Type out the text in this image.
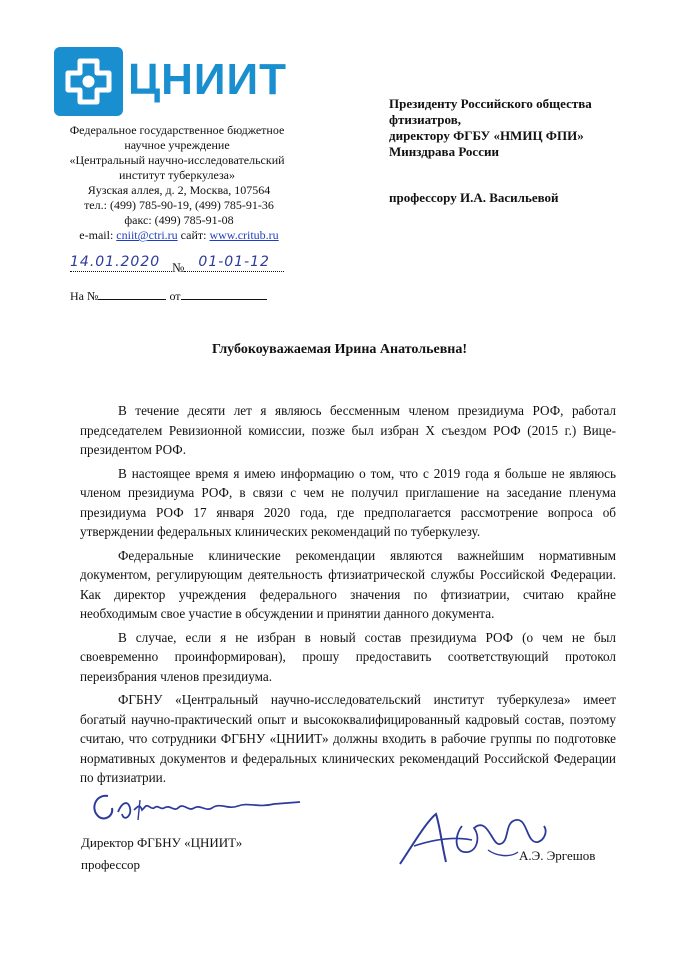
ЦНИИТ
Федеральное государственное бюджетное
научное учреждение
«Центральный научно-исследовательский
институт туберкулеза»
Яузская аллея, д. 2, Москва, 107564
тел.: (499) 785-90-19, (499) 785-91-36
факс: (499) 785-91-08
e-mail: cniit@ctri.ru сайт: www.critub.ru
14.01.2020 № 01-01-12
На №	от
Президенту Российского общества
фтизиатров,
директору ФГБУ «НМИЦ ФПИ»
Минздрава России
профессору И.А. Васильевой
Глубокоуважаемая Ирина Анатольевна!

В течение десяти лет я являюсь бессменным членом президиума РОФ, работал председателем Ревизионной комиссии, позже был избран Х съездом РОФ (2015 г.) Вице-президентом РОФ.

В настоящее время я имею информацию о том, что с 2019 года я больше не являюсь членом президиума РОФ, в связи с чем не получил приглашение на заседание пленума президиума РОФ 17 января 2020 года, где предполагается рассмотрение вопроса об утверждении федеральных клинических рекомендаций по туберкулезу.

Федеральные клинические рекомендации являются важнейшим нормативным документом, регулирующим деятельность фтизиатрической службы Российской Федерации. Как директор учреждения федерального значения по фтизиатрии, считаю крайне необходимым свое участие в обсуждении и принятии данного документа.

В случае, если я не избран в новый состав президиума РОФ (о чем не был своевременно проинформирован), прошу предоставить соответствующий протокол переизбрания членов президиума.

ФГБНУ «Центральный научно-исследовательский институт туберкулеза» имеет богатый научно-практический опыт и высококвалифицированный кадровый состав, поэтому считаю, что сотрудники ФГБНУ «ЦНИИТ» должны входить в рабочие группы по подготовке нормативных документов и федеральных клинических рекомендаций Российской Федерации по фтизиатрии.

Директор ФГБНУ «ЦНИИТ»
профессор
А.Э. Эргешов
